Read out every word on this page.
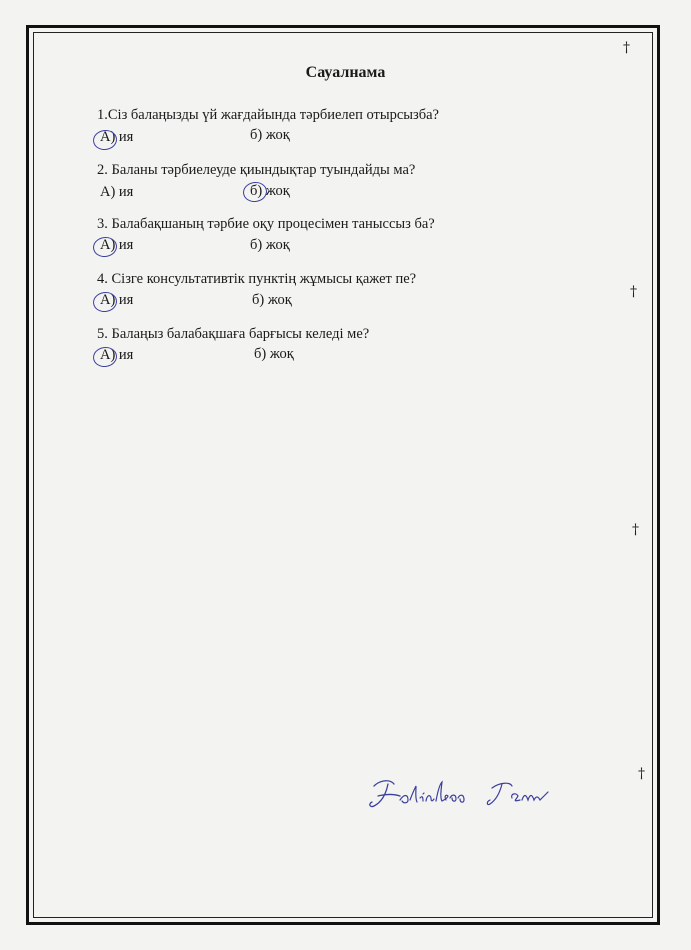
Сауалнама
1.Сіз балаңызды үй жағдайында тәрбиелеп отырсызба?
А) ия	б) жоқ
2. Баланы тәрбиелеуде қиындықтар туындайды ма?
А) ия	б) жоқ
3. Балабақшаның тәрбие оқу процесімен таныссыз ба?
А) ия	б) жоқ
4. Сізге консультативтік пунктің жұмысы қажет пе?
А) ия	б) жоқ
5. Балаңыз балабақшаға барғысы келеді ме?
А) ия	б) жоқ
†
†
†
†
